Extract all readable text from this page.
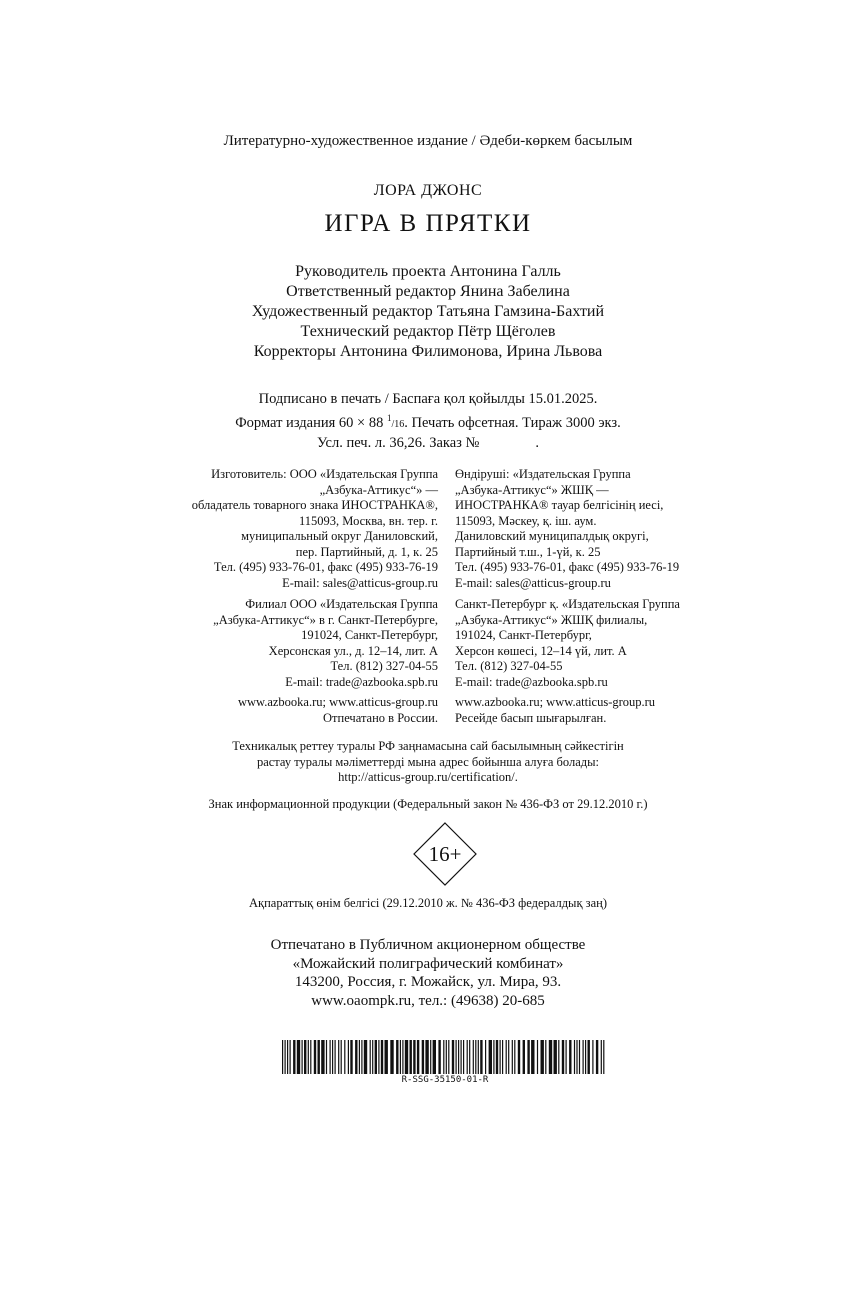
Литературно-художественное издание / Әдеби-көркем басылым
ЛОРА ДЖОНС
ИГРА В ПРЯТКИ
Руководитель проекта Антонина Галль
Ответственный редактор Янина Забелина
Художественный редактор Татьяна Гамзина-Бахтий
Технический редактор Пётр Щёголев
Корректоры Антонина Филимонова, Ирина Львова
Подписано в печать / Баспаға қол қойылды 15.01.2025.
Формат издания 60 × 88 $^1$/16. Печать офсетная. Тираж 3000 экз.
Усл. печ. л. 36,26. Заказ №	.
Изготовитель: ООО «Издательская Группа
„Азбука-Аттикус“» —
обладатель товарного знака ИНОСТРАНКА®,
115093, Москва, вн. тер. г.
муниципальный округ Даниловский,
пер. Партийный, д. 1, к. 25
Тел. (495) 933-76-01, факс (495) 933-76-19
E-mail: sales@atticus-group.ru
Өндіруші: «Издательская Группа
„Азбука-Аттикус“» ЖШҚ —
ИНОСТРАНКА® тауар белгісінің иесі,
115093, Мәскеу, қ. іш. аум.
Даниловский муниципалдық округі,
Партийный т.ш., 1-үй, к. 25
Тел. (495) 933-76-01, факс (495) 933-76-19
E-mail: sales@atticus-group.ru
Филиал ООО «Издательская Группа
„Азбука-Аттикус“» в г. Санкт-Петербурге,
191024, Санкт-Петербург,
Херсонская ул., д. 12–14, лит. А
Тел. (812) 327-04-55
E-mail: trade@azbooka.spb.ru
Санкт-Петербург қ. «Издательская Группа
„Азбука-Аттикус“» ЖШҚ филиалы,
191024, Санкт-Петербург,
Херсон көшесі, 12–14 үй, лит. А
Тел. (812) 327-04-55
E-mail: trade@azbooka.spb.ru
www.azbooka.ru; www.atticus-group.ru
Отпечатано в России.
www.azbooka.ru; www.atticus-group.ru
Ресейде басып шығарылған.
Техникалық реттеу туралы РФ заңнамасына сай басылымның сәйкестігін
растау туралы мәліметтерді мына адрес бойынша алуға болады:
http://atticus-group.ru/certification/.
Знак информационной продукции (Федеральный закон № 436-ФЗ от 29.12.2010 г.)
16+
Ақпараттық өнім белгісі (29.12.2010 ж. № 436-ФЗ федералдық заң)
Отпечатано в Публичном акционерном обществе
«Можайский полиграфический комбинат»
143200, Россия, г. Можайск, ул. Мира, 93.
www.oaompk.ru, тел.: (49638) 20-685
R-SSG-35150-01-R
